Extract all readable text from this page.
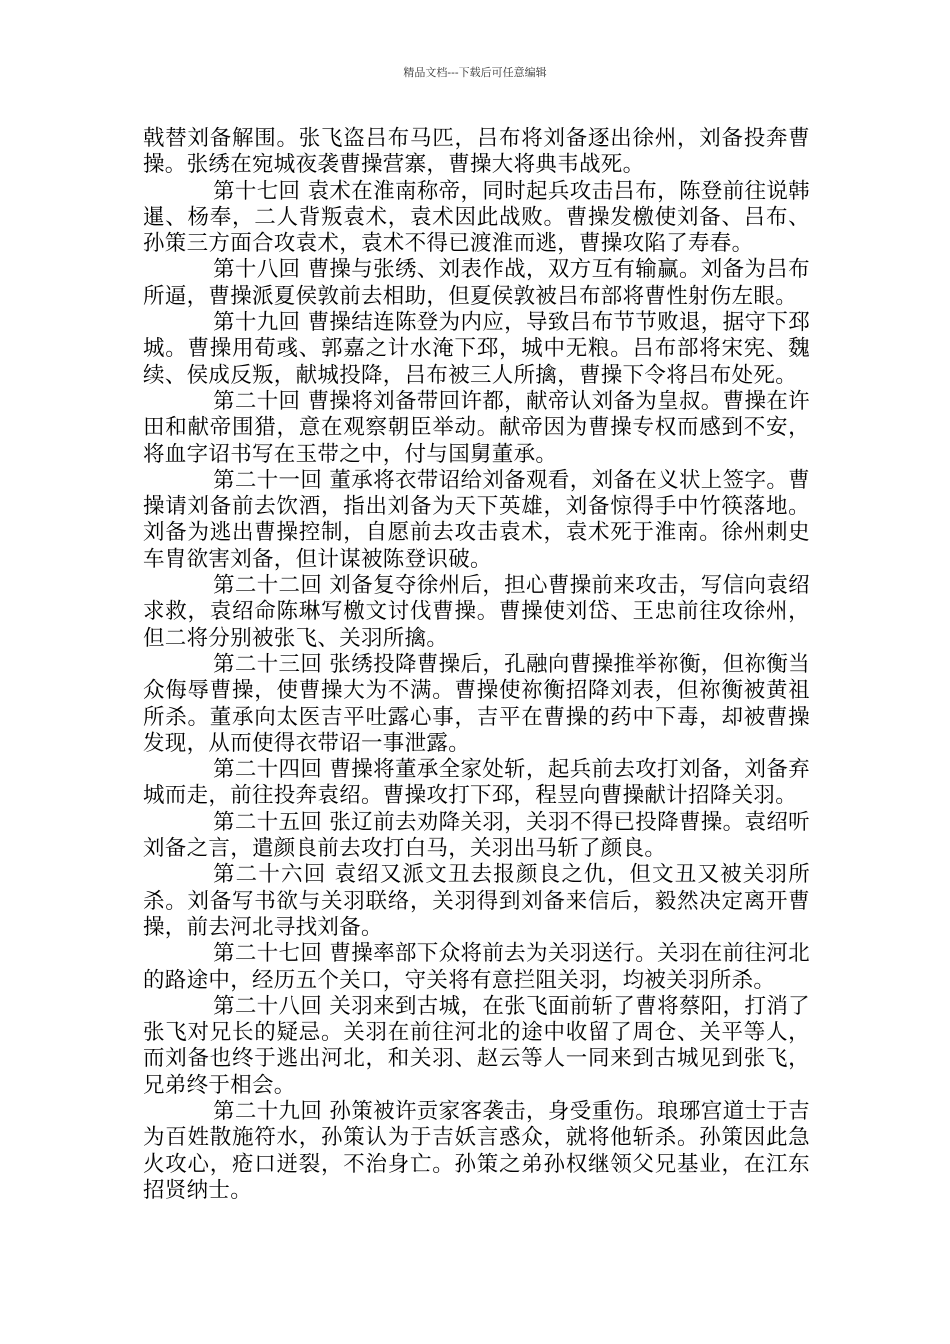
精品文档---下载后可任意编辑

戟替刘备解围。张飞盗吕布马匹，吕布将刘备逐出徐州，刘备投奔曹操。张绣在宛城夜袭曹操营寨，曹操大将典韦战死。

第十七回 袁术在淮南称帝，同时起兵攻击吕布，陈登前往说韩暹、杨奉，二人背叛袁术，袁术因此战败。曹操发檄使刘备、吕布、孙策三方面合攻袁术，袁术不得已渡淮而逃，曹操攻陷了寿春。

第十八回 曹操与张绣、刘表作战，双方互有输赢。刘备为吕布所逼，曹操派夏侯敦前去相助，但夏侯敦被吕布部将曹性射伤左眼。

第十九回 曹操结连陈登为内应，导致吕布节节败退，据守下邳城。曹操用荀彧、郭嘉之计水淹下邳，城中无粮。吕布部将宋宪、魏续、侯成反叛，献城投降，吕布被三人所擒，曹操下令将吕布处死。

第二十回 曹操将刘备带回许都，献帝认刘备为皇叔。曹操在许田和献帝围猎，意在观察朝臣举动。献帝因为曹操专权而感到不安，将血字诏书写在玉带之中，付与国舅董承。

第二十一回 董承将衣带诏给刘备观看，刘备在义状上签字。曹操请刘备前去饮酒，指出刘备为天下英雄，刘备惊得手中竹筷落地。刘备为逃出曹操控制，自愿前去攻击袁术，袁术死于淮南。徐州刺史车胄欲害刘备，但计谋被陈登识破。

第二十二回 刘备复夺徐州后，担心曹操前来攻击，写信向袁绍求救，袁绍命陈琳写檄文讨伐曹操。曹操使刘岱、王忠前往攻徐州，但二将分别被张飞、关羽所擒。

第二十三回 张绣投降曹操后，孔融向曹操推举祢衡，但祢衡当众侮辱曹操，使曹操大为不满。曹操使祢衡招降刘表，但祢衡被黄祖所杀。董承向太医吉平吐露心事，吉平在曹操的药中下毒，却被曹操发现，从而使得衣带诏一事泄露。

第二十四回 曹操将董承全家处斩，起兵前去攻打刘备，刘备弃城而走，前往投奔袁绍。曹操攻打下邳，程昱向曹操献计招降关羽。

第二十五回 张辽前去劝降关羽，关羽不得已投降曹操。袁绍听刘备之言，遣颜良前去攻打白马，关羽出马斩了颜良。

第二十六回 袁绍又派文丑去报颜良之仇，但文丑又被关羽所杀。刘备写书欲与关羽联络，关羽得到刘备来信后，毅然决定离开曹操，前去河北寻找刘备。

第二十七回 曹操率部下众将前去为关羽送行。关羽在前往河北的路途中，经历五个关口，守关将有意拦阻关羽，均被关羽所杀。

第二十八回 关羽来到古城，在张飞面前斩了曹将蔡阳，打消了张飞对兄长的疑忌。关羽在前往河北的途中收留了周仓、关平等人，而刘备也终于逃出河北，和关羽、赵云等人一同来到古城见到张飞，兄弟终于相会。

第二十九回 孙策被许贡家客袭击，身受重伤。琅琊宫道士于吉为百姓散施符水，孙策认为于吉妖言惑众，就将他斩杀。孙策因此急火攻心，疮口迸裂，不治身亡。孙策之弟孙权继领父兄基业，在江东招贤纳士。
